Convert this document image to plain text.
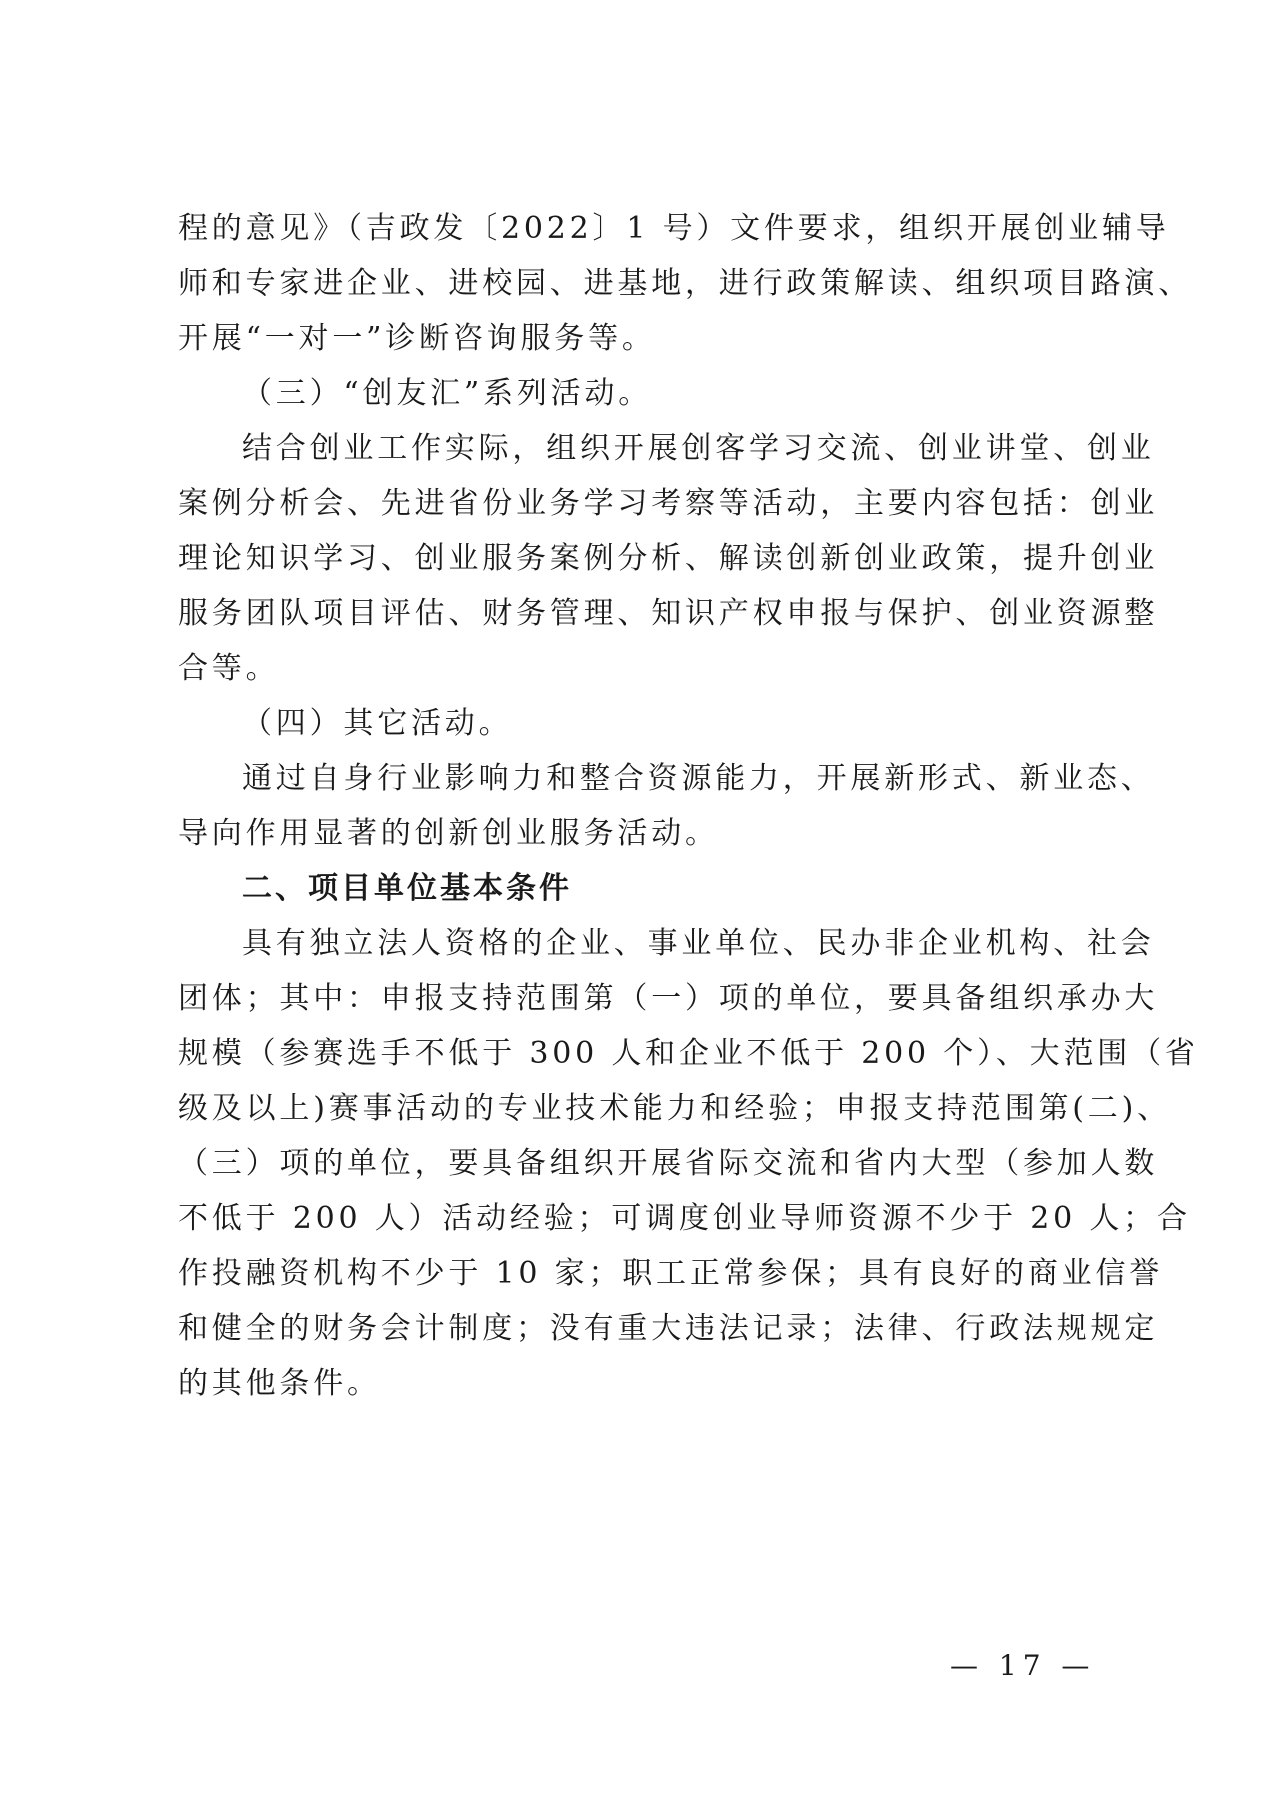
程的意见》（吉政发〔2022〕1 号）文件要求，组织开展创业辅导
师和专家进企业、进校园、进基地，进行政策解读、组织项目路演、
开展“一对一”诊断咨询服务等。
（三）“创友汇”系列活动。
结合创业工作实际，组织开展创客学习交流、创业讲堂、创业
案例分析会、先进省份业务学习考察等活动，主要内容包括：创业
理论知识学习、创业服务案例分析、解读创新创业政策，提升创业
服务团队项目评估、财务管理、知识产权申报与保护、创业资源整
合等。
（四）其它活动。
通过自身行业影响力和整合资源能力，开展新形式、新业态、
导向作用显著的创新创业服务活动。
二、项目单位基本条件
具有独立法人资格的企业、事业单位、民办非企业机构、社会
团体；其中：申报支持范围第（一）项的单位，要具备组织承办大
规模（参赛选手不低于 300 人和企业不低于 200 个）、大范围（省
级及以上)赛事活动的专业技术能力和经验；申报支持范围第(二)、
（三）项的单位，要具备组织开展省际交流和省内大型（参加人数
不低于 200 人）活动经验；可调度创业导师资源不少于 20 人；合
作投融资机构不少于 10 家；职工正常参保；具有良好的商业信誉
和健全的财务会计制度；没有重大违法记录；法律、行政法规规定
的其他条件。
— 17 —
